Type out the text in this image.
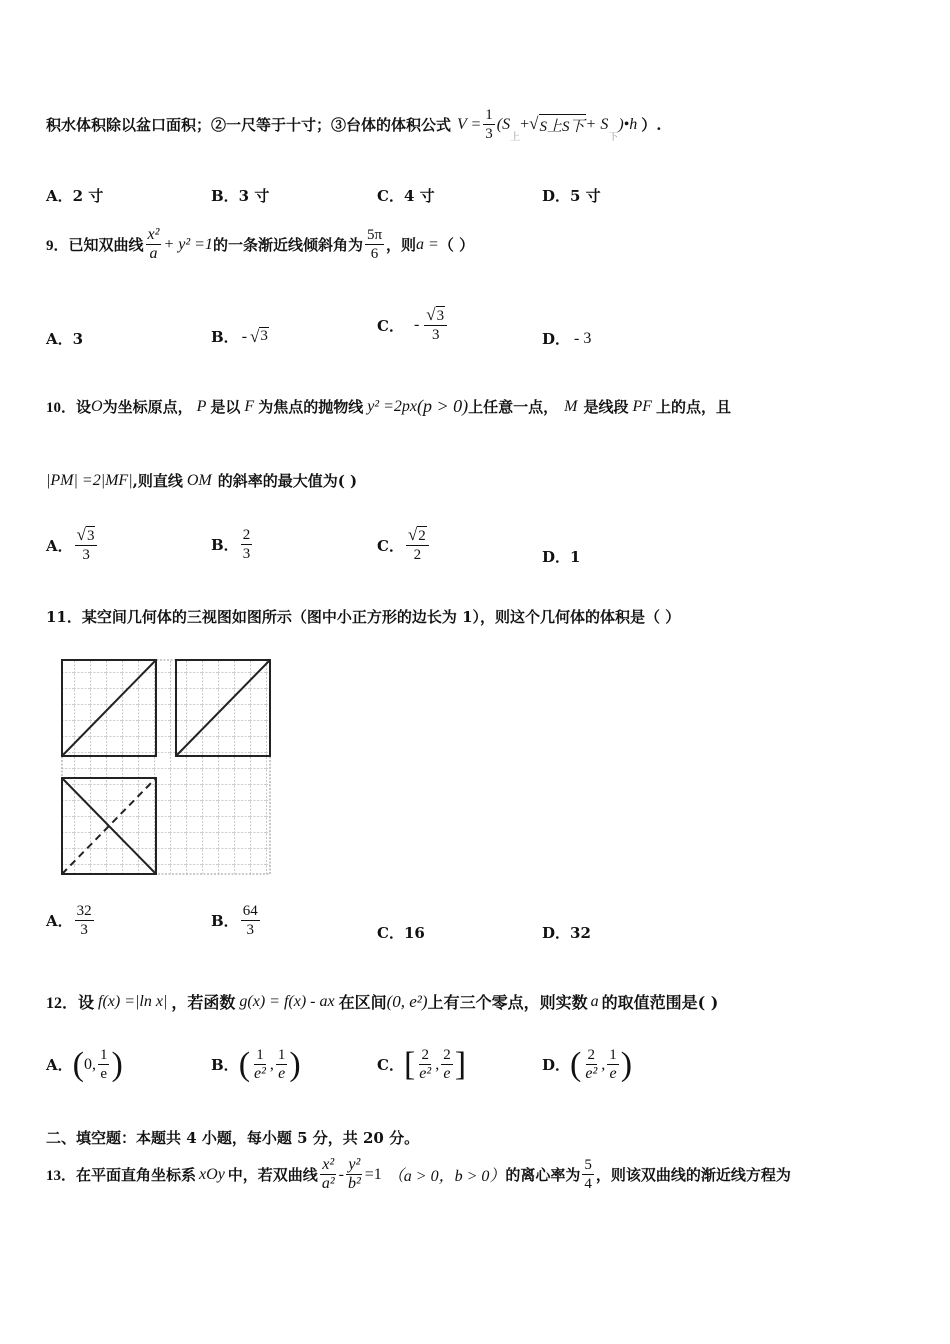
积水体积除以盆口面积；②一尺等于十寸；③台体的体积公式 $V = \frac{1}{3} (S$
上
+ √ S上S下 + S
下
)•h ）.
A．2 寸	B．3 寸	C．4 寸	D．5 寸
9． 已知双曲线 $\frac{\text{x²}}{a} + y^2 =1$ 的一条渐近线倾斜角为 $\frac{5\pi}{6}$ ，则 a = （ ）
A． 3	B． - √ 3
C． - $\frac{√ 3}{3}$	D． - 3
10． 设 O 为坐标原点， P 是以 F 为焦点的抛物线 y² =2px (p > 0) 上任意一点， M 是线段 PF 上的点，且
|PM| =2|MF| ,则直线 OM 的斜率的最大值为( )
A． $\frac{√ 3}{3}$	B． $\frac{2}{3}$	C． $\frac{√ 2}{2}$	D． 1
11．某空间几何体的三视图如图所示（图中小正方形的边长为 1），则这个几何体的体积是（ ）
A． $\frac{32}{3}$	B． $\frac{64}{3}$	C． 16	D． 32
12． 设 f(x) =|ln x| ，若函数 g(x) = f(x) - ax 在区间 (0, e²) 上有三个零点，则实数 a 的取值范围是( )
A． ( 0, $\frac{1}{e}$ )	B． ( $\frac{1}{\text{e²}}$ , $\frac{1}{e}$ )	C． [ $\frac{2}{\text{e²}}$ , $\frac{2}{e}$ ]	D． ( $\frac{2}{\text{e²}}$ , $\frac{1}{e}$ )
二、填空题：本题共 4 小题，每小题 5 分，共 20 分。
13． 在平面直角坐标系 xOy 中，若双曲线 $\frac{\text{x²}}{\text{a²}} - \frac{\text{y²}}{\text{b²}} =1$ （a > 0，b > 0） 的离心率为 $\frac{5}{4}$ ，则该双曲线的渐近线方程为
